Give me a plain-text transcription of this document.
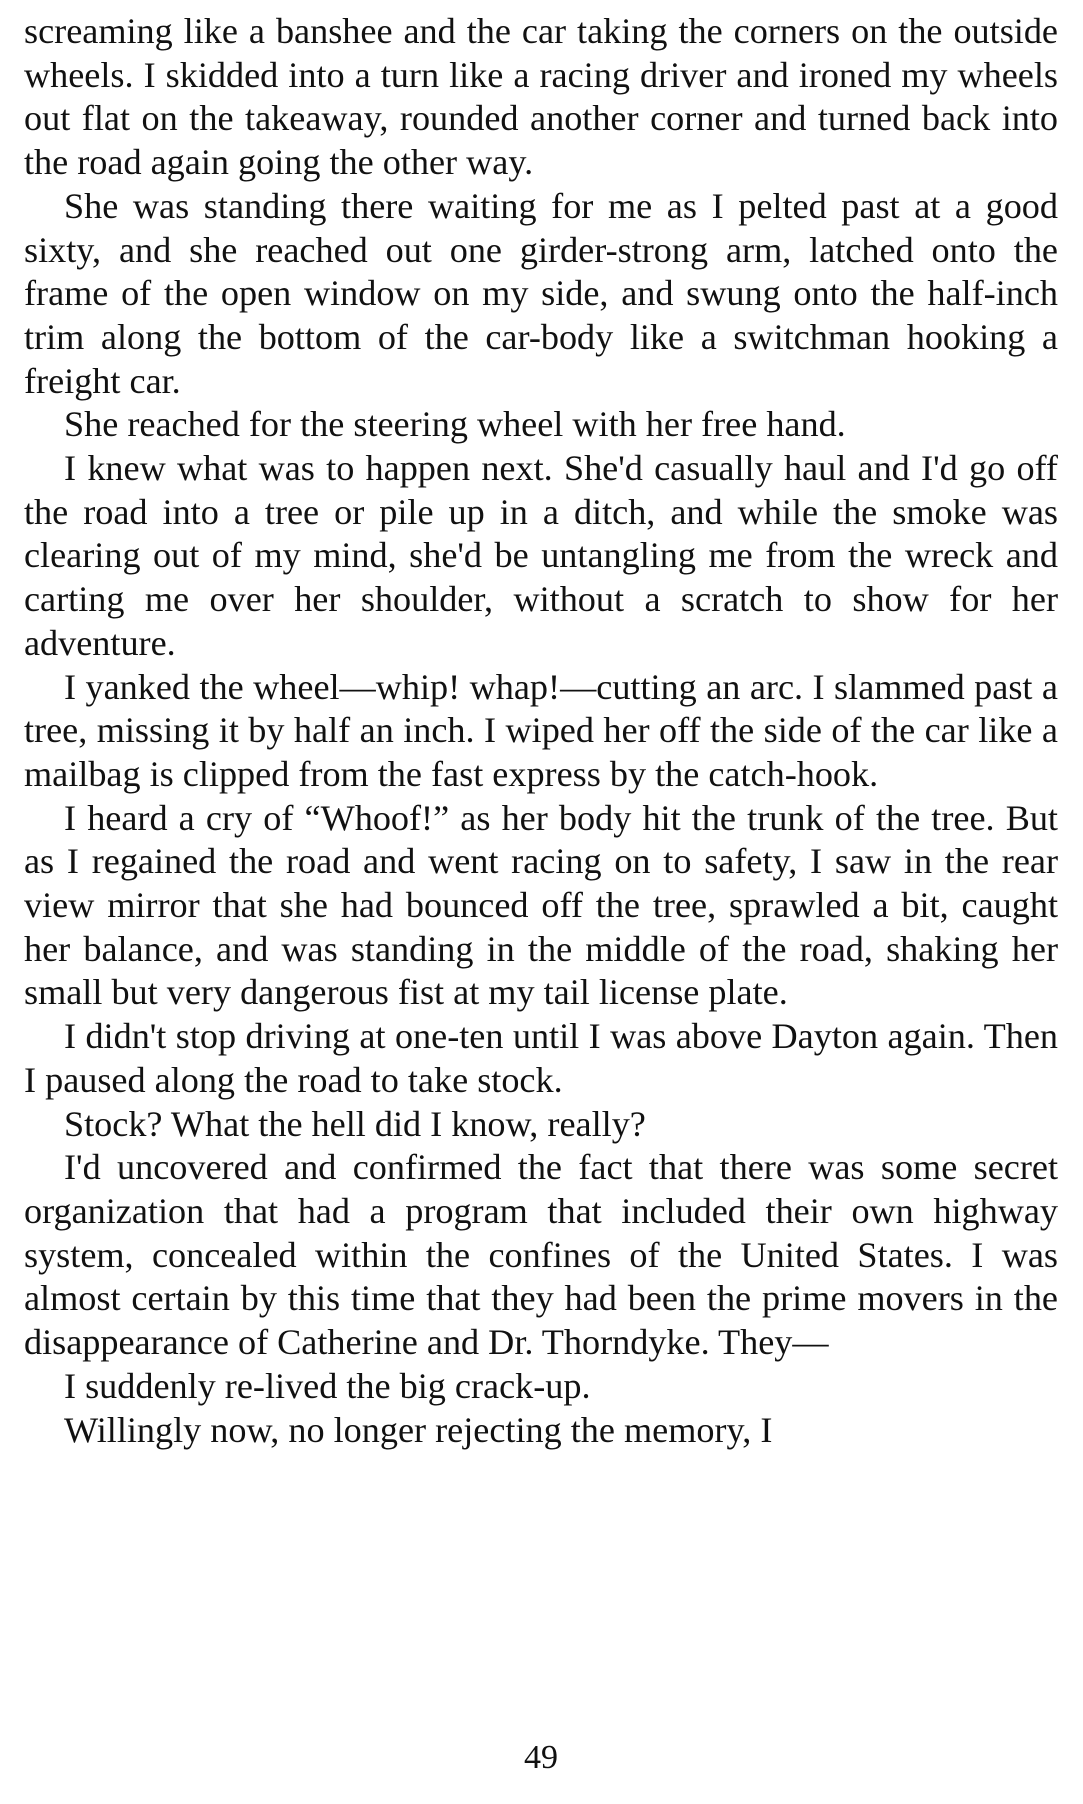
screaming like a banshee and the car taking the corners on the outside wheels. I skidded into a turn like a racing driver and ironed my wheels out flat on the takeaway, rounded another corner and turned back into the road again going the other way.

She was standing there waiting for me as I pelted past at a good sixty, and she reached out one girder-strong arm, latched onto the frame of the open window on my side, and swung onto the half-inch trim along the bottom of the car-body like a switchman hooking a freight car.

She reached for the steering wheel with her free hand.

I knew what was to happen next. She'd casually haul and I'd go off the road into a tree or pile up in a ditch, and while the smoke was clearing out of my mind, she'd be untangling me from the wreck and carting me over her shoulder, without a scratch to show for her adventure.

I yanked the wheel—whip! whap!—cutting an arc. I slammed past a tree, missing it by half an inch. I wiped her off the side of the car like a mailbag is clipped from the fast express by the catch-hook.

I heard a cry of “Whoof!” as her body hit the trunk of the tree. But as I regained the road and went racing on to safety, I saw in the rear view mirror that she had bounced off the tree, sprawled a bit, caught her balance, and was standing in the middle of the road, shaking her small but very dangerous fist at my tail license plate.

I didn't stop driving at one-ten until I was above Dayton again. Then I paused along the road to take stock.

Stock? What the hell did I know, really?

I'd uncovered and confirmed the fact that there was some secret organization that had a program that included their own highway system, concealed within the confines of the United States. I was almost certain by this time that they had been the prime movers in the disappearance of Catherine and Dr. Thorndyke. They—

I suddenly re-lived the big crack-up.

Willingly now, no longer rejecting the memory, I

49
